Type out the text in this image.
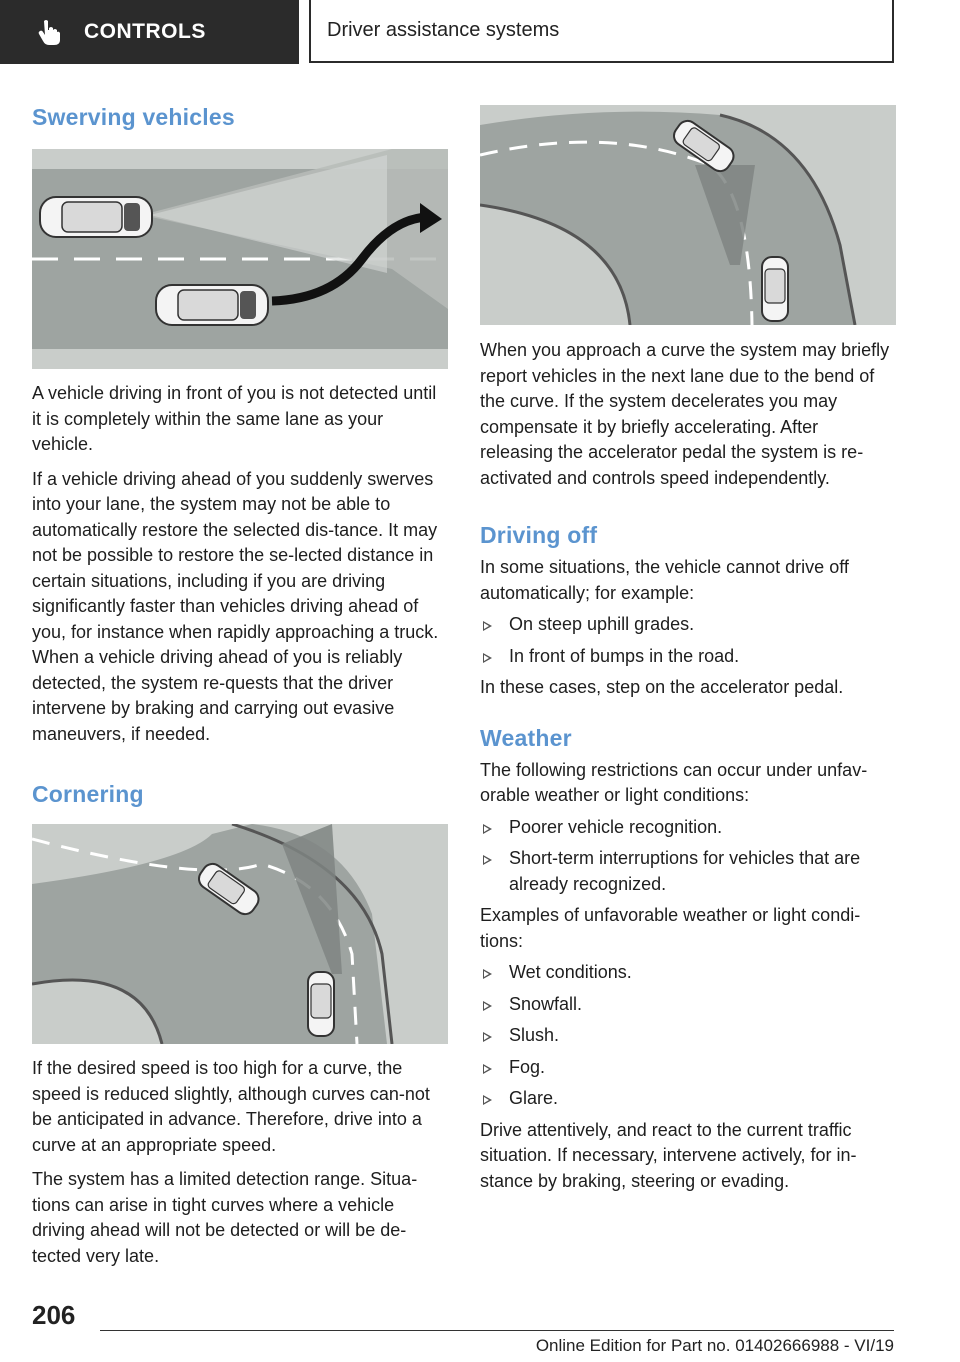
CONTROLS	Driver assistance systems
Swerving vehicles

A vehicle driving in front of you is not detected until it is completely within the same lane as your vehicle.

If a vehicle driving ahead of you suddenly swerves into your lane, the system may not be able to automatically restore the selected dis‐tance. It may not be possible to restore the se‐lected distance in certain situations, including if you are driving significantly faster than vehicles driving ahead of you, for instance when rapidly approaching a truck. When a vehicle driving ahead of you is reliably detected, the system re‐quests that the driver intervene by braking and carrying out evasive maneuvers, if needed.

Cornering

If the desired speed is too high for a curve, the speed is reduced slightly, although curves can‐not be anticipated in advance. Therefore, drive into a curve at an appropriate speed.

The system has a limited detection range. Situa‐tions can arise in tight curves where a vehicle driving ahead will not be detected or will be de‐tected very late.

When you approach a curve the system may briefly report vehicles in the next lane due to the bend of the curve. If the system decelerates you may compensate it by briefly accelerating. After releasing the accelerator pedal the system is re‐activated and controls speed independently.

Driving off

In some situations, the vehicle cannot drive off automatically; for example:

On steep uphill grades.
In front of bumps in the road.

In these cases, step on the accelerator pedal.

Weather

The following restrictions can occur under unfav‐orable weather or light conditions:

Poorer vehicle recognition.
Short-term interruptions for vehicles that are already recognized.

Examples of unfavorable weather or light condi‐tions:

Wet conditions.
Snowfall.
Slush.
Fog.
Glare.

Drive attentively, and react to the current traffic situation. If necessary, intervene actively, for in‐stance by braking, steering or evading.

206
Online Edition for Part no. 01402666988 - VI/19
